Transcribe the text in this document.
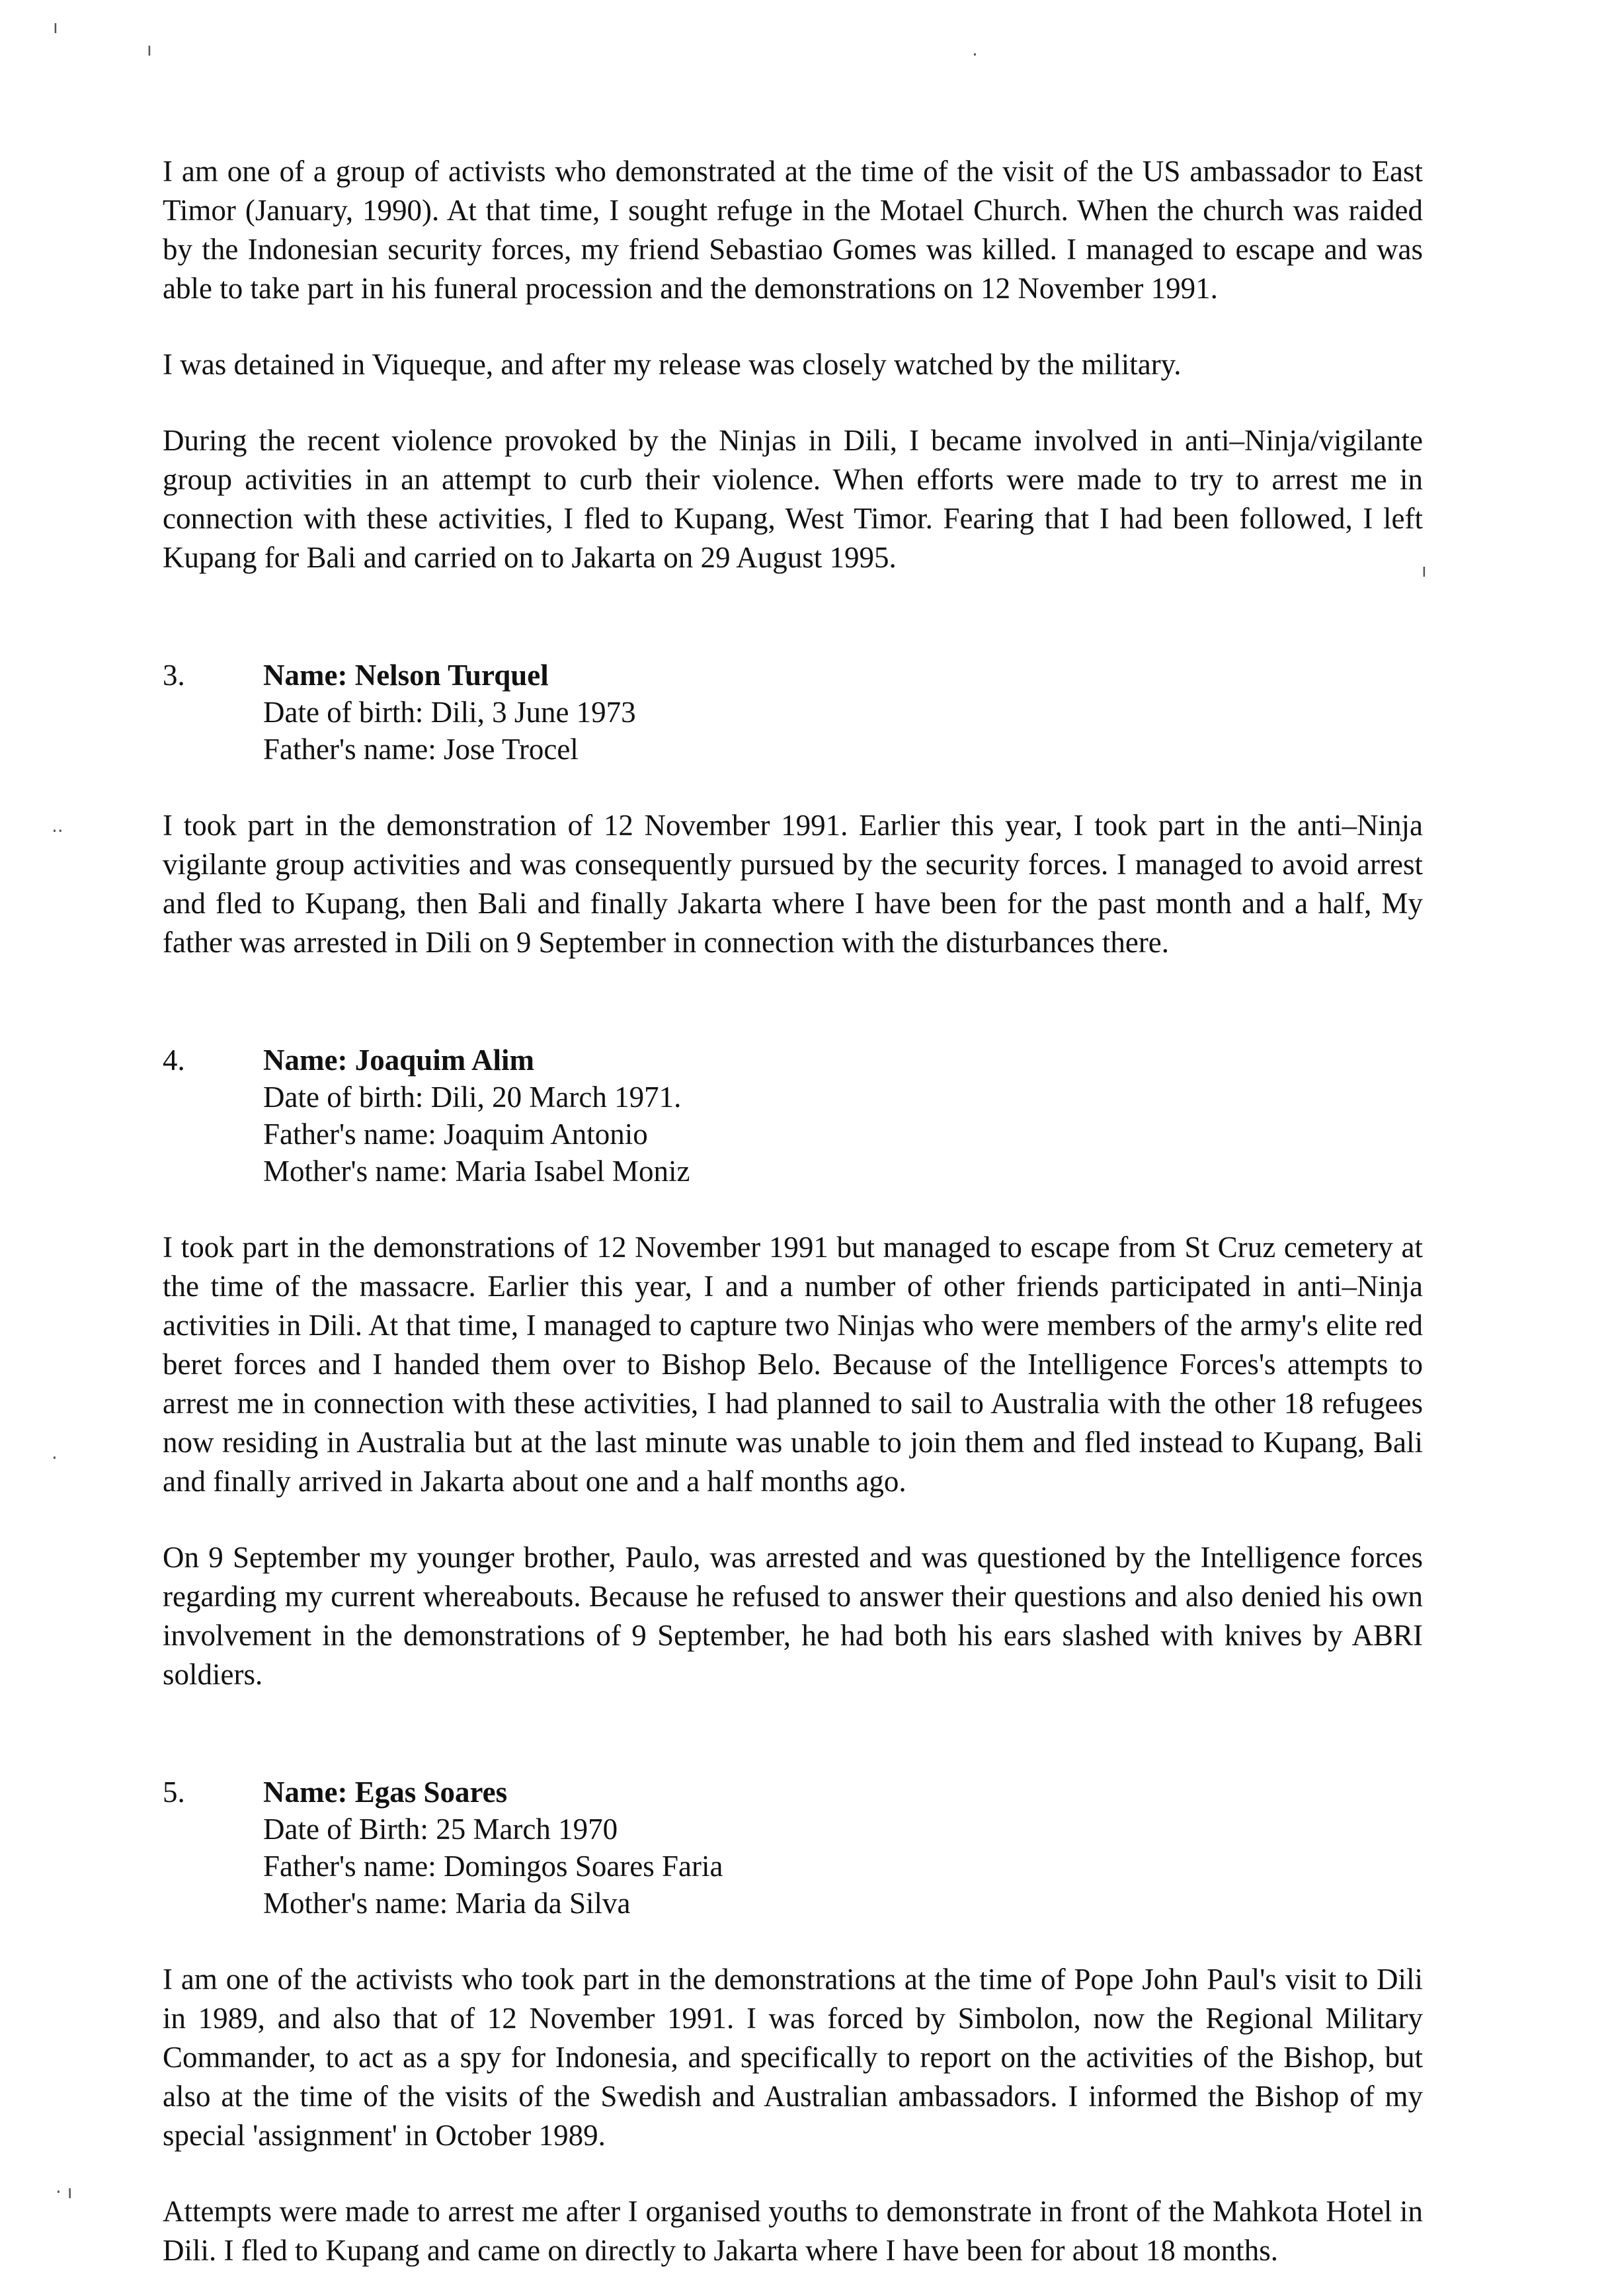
I am one of a group of activists who demonstrated at the time of the visit of the US ambassador to East Timor (January, 1990). At that time, I sought refuge in the Motael Church. When the church was raided by the Indonesian security forces, my friend Sebastiao Gomes was killed. I managed to escape and was able to take part in his funeral procession and the demonstrations on 12 November 1991.

I was detained in Viqueque, and after my release was closely watched by the military.

During the recent violence provoked by the Ninjas in Dili, I became involved in anti–Ninja/vigilante group activities in an attempt to curb their violence. When efforts were made to try to arrest me in connection with these activities, I fled to Kupang, West Timor. Fearing that I had been followed, I left Kupang for Bali and carried on to Jakarta on 29 August 1995.

3.	Name: Nelson Turquel
Date of birth: Dili, 3 June 1973
Father's name: Jose Trocel

I took part in the demonstration of 12 November 1991. Earlier this year, I took part in the anti–Ninja vigilante group activities and was consequently pursued by the security forces. I managed to avoid arrest and fled to Kupang, then Bali and finally Jakarta where I have been for the past month and a half, My father was arrested in Dili on 9 September in connection with the disturbances there.

4.	Name: Joaquim Alim
Date of birth: Dili, 20 March 1971.
Father's name: Joaquim Antonio
Mother's name: Maria Isabel Moniz

I took part in the demonstrations of 12 November 1991 but managed to escape from St Cruz cemetery at the time of the massacre. Earlier this year, I and a number of other friends participated in anti–Ninja activities in Dili. At that time, I managed to capture two Ninjas who were members of the army's elite red beret forces and I handed them over to Bishop Belo. Because of the Intelligence Forces's attempts to arrest me in connection with these activities, I had planned to sail to Australia with the other 18 refugees now residing in Australia but at the last minute was unable to join them and fled instead to Kupang, Bali and finally arrived in Jakarta about one and a half months ago.

On 9 September my younger brother, Paulo, was arrested and was questioned by the Intelligence forces regarding my current whereabouts. Because he refused to answer their questions and also denied his own involvement in the demonstrations of 9 September, he had both his ears slashed with knives by ABRI soldiers.

5.	Name: Egas Soares
Date of Birth: 25 March 1970
Father's name: Domingos Soares Faria
Mother's name: Maria da Silva

I am one of the activists who took part in the demonstrations at the time of Pope John Paul's visit to Dili in 1989, and also that of 12 November 1991. I was forced by Simbolon, now the Regional Military Commander, to act as a spy for Indonesia, and specifically to report on the activities of the Bishop, but also at the time of the visits of the Swedish and Australian ambassadors. I informed the Bishop of my special 'assignment' in October 1989.

Attempts were made to arrest me after I organised youths to demonstrate in front of the Mahkota Hotel in Dili. I fled to Kupang and came on directly to Jakarta where I have been for about 18 months.

ı
ı	·
ı
··
·
· ı
